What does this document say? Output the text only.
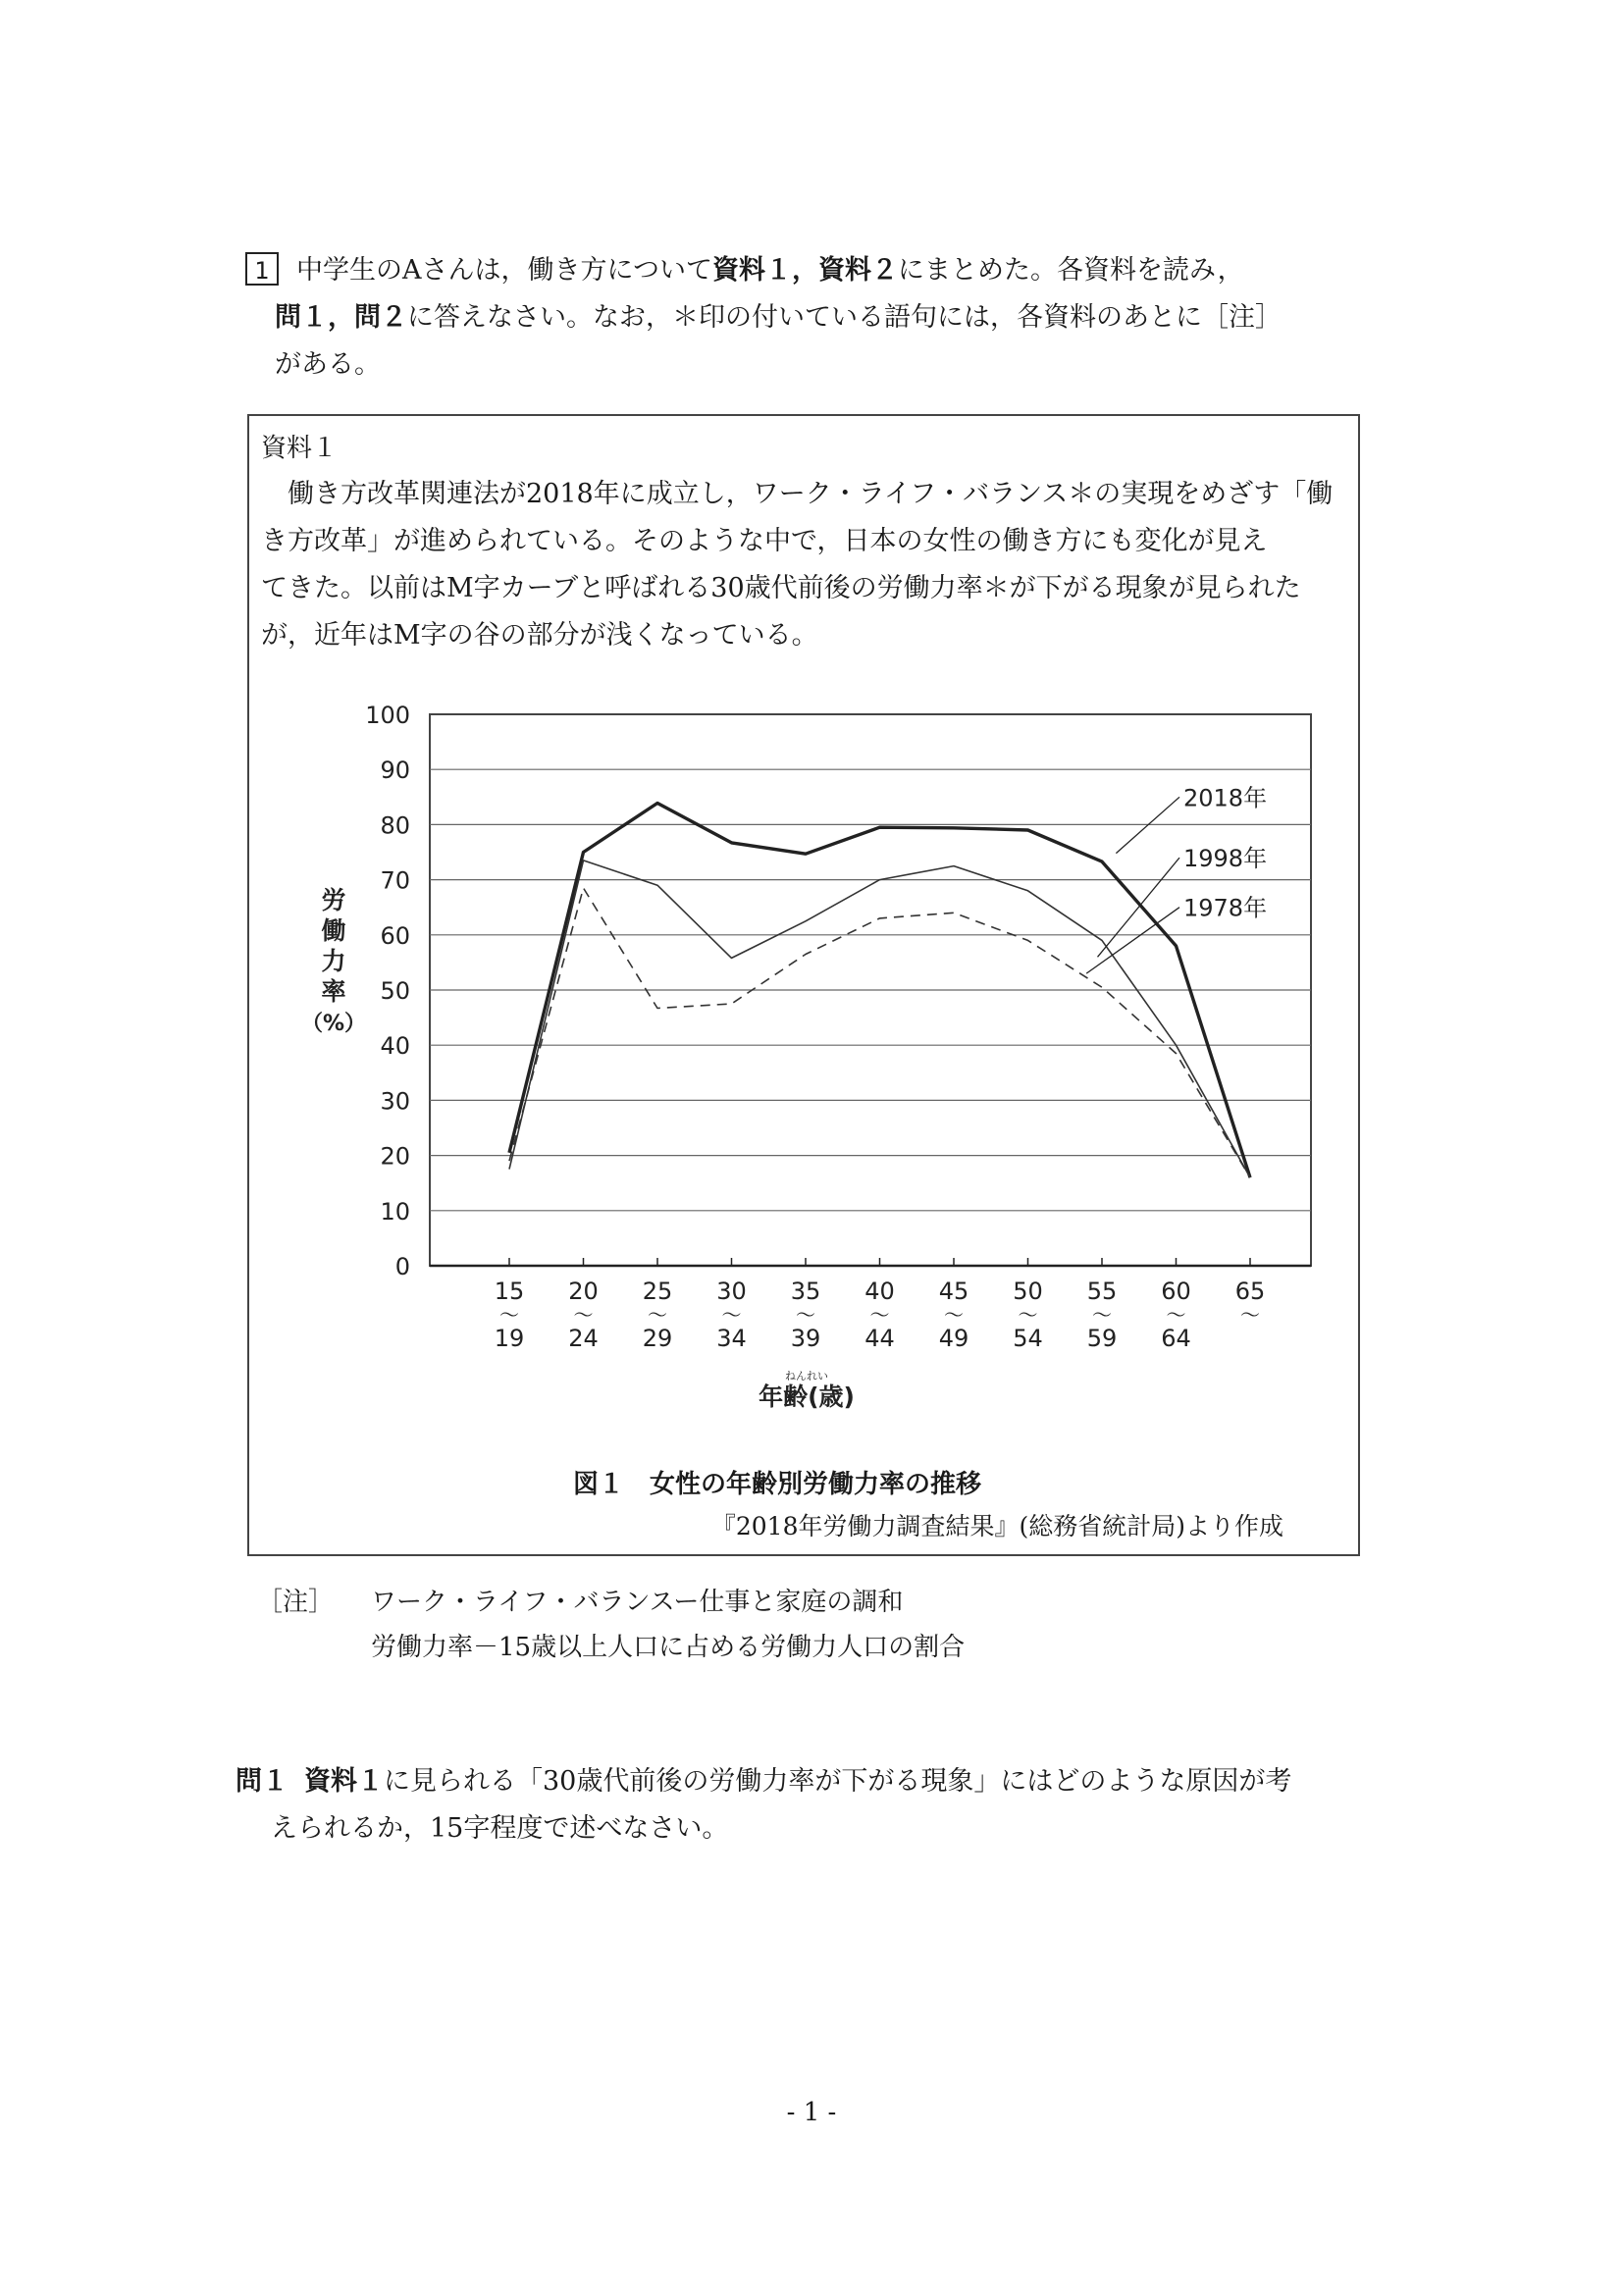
1	中学生のAさんは，働き方について 資料１，資料２ にまとめた。各資料を読み，
問１，問２に答えなさい。なお，＊印の付いている語句には，各資料のあとに［注］
がある。
資料１
働き方改革関連法が2018年に成立し，ワーク・ライフ・バランス＊の実現をめざす「働
き方改革」が進められている。そのような中で，日本の女性の働き方にも変化が見え
てきた。以前はM字カーブと呼ばれる30歳代前後の労働力率＊が下がる現象が見られた
が，近年はM字の谷の部分が浅くなっている。
0
10
20
30
40
50
60
70
80
90
100
15
～
19
20
～
24
25
～
29
30
～
34
35
～
39
40
～
44
45
～
49
50
～
54
55
～
59
60
～
64
65
～
ねんれい
年齢(歳)
労
働
力
率
（%）
2018年
1998年
1978年
図１　女性の年齢別労働力率の推移
『2018年労働力調査結果』(総務省統計局)より作成
［注］	ワーク・ライフ・バランスー仕事と家庭の調和
労働力率－15歳以上人口に占める労働力人口の割合
問１ 資料１に見られる「30歳代前後の労働力率が下がる現象」にはどのような原因が考
えられるか，15字程度で述べなさい。
- 1 -
